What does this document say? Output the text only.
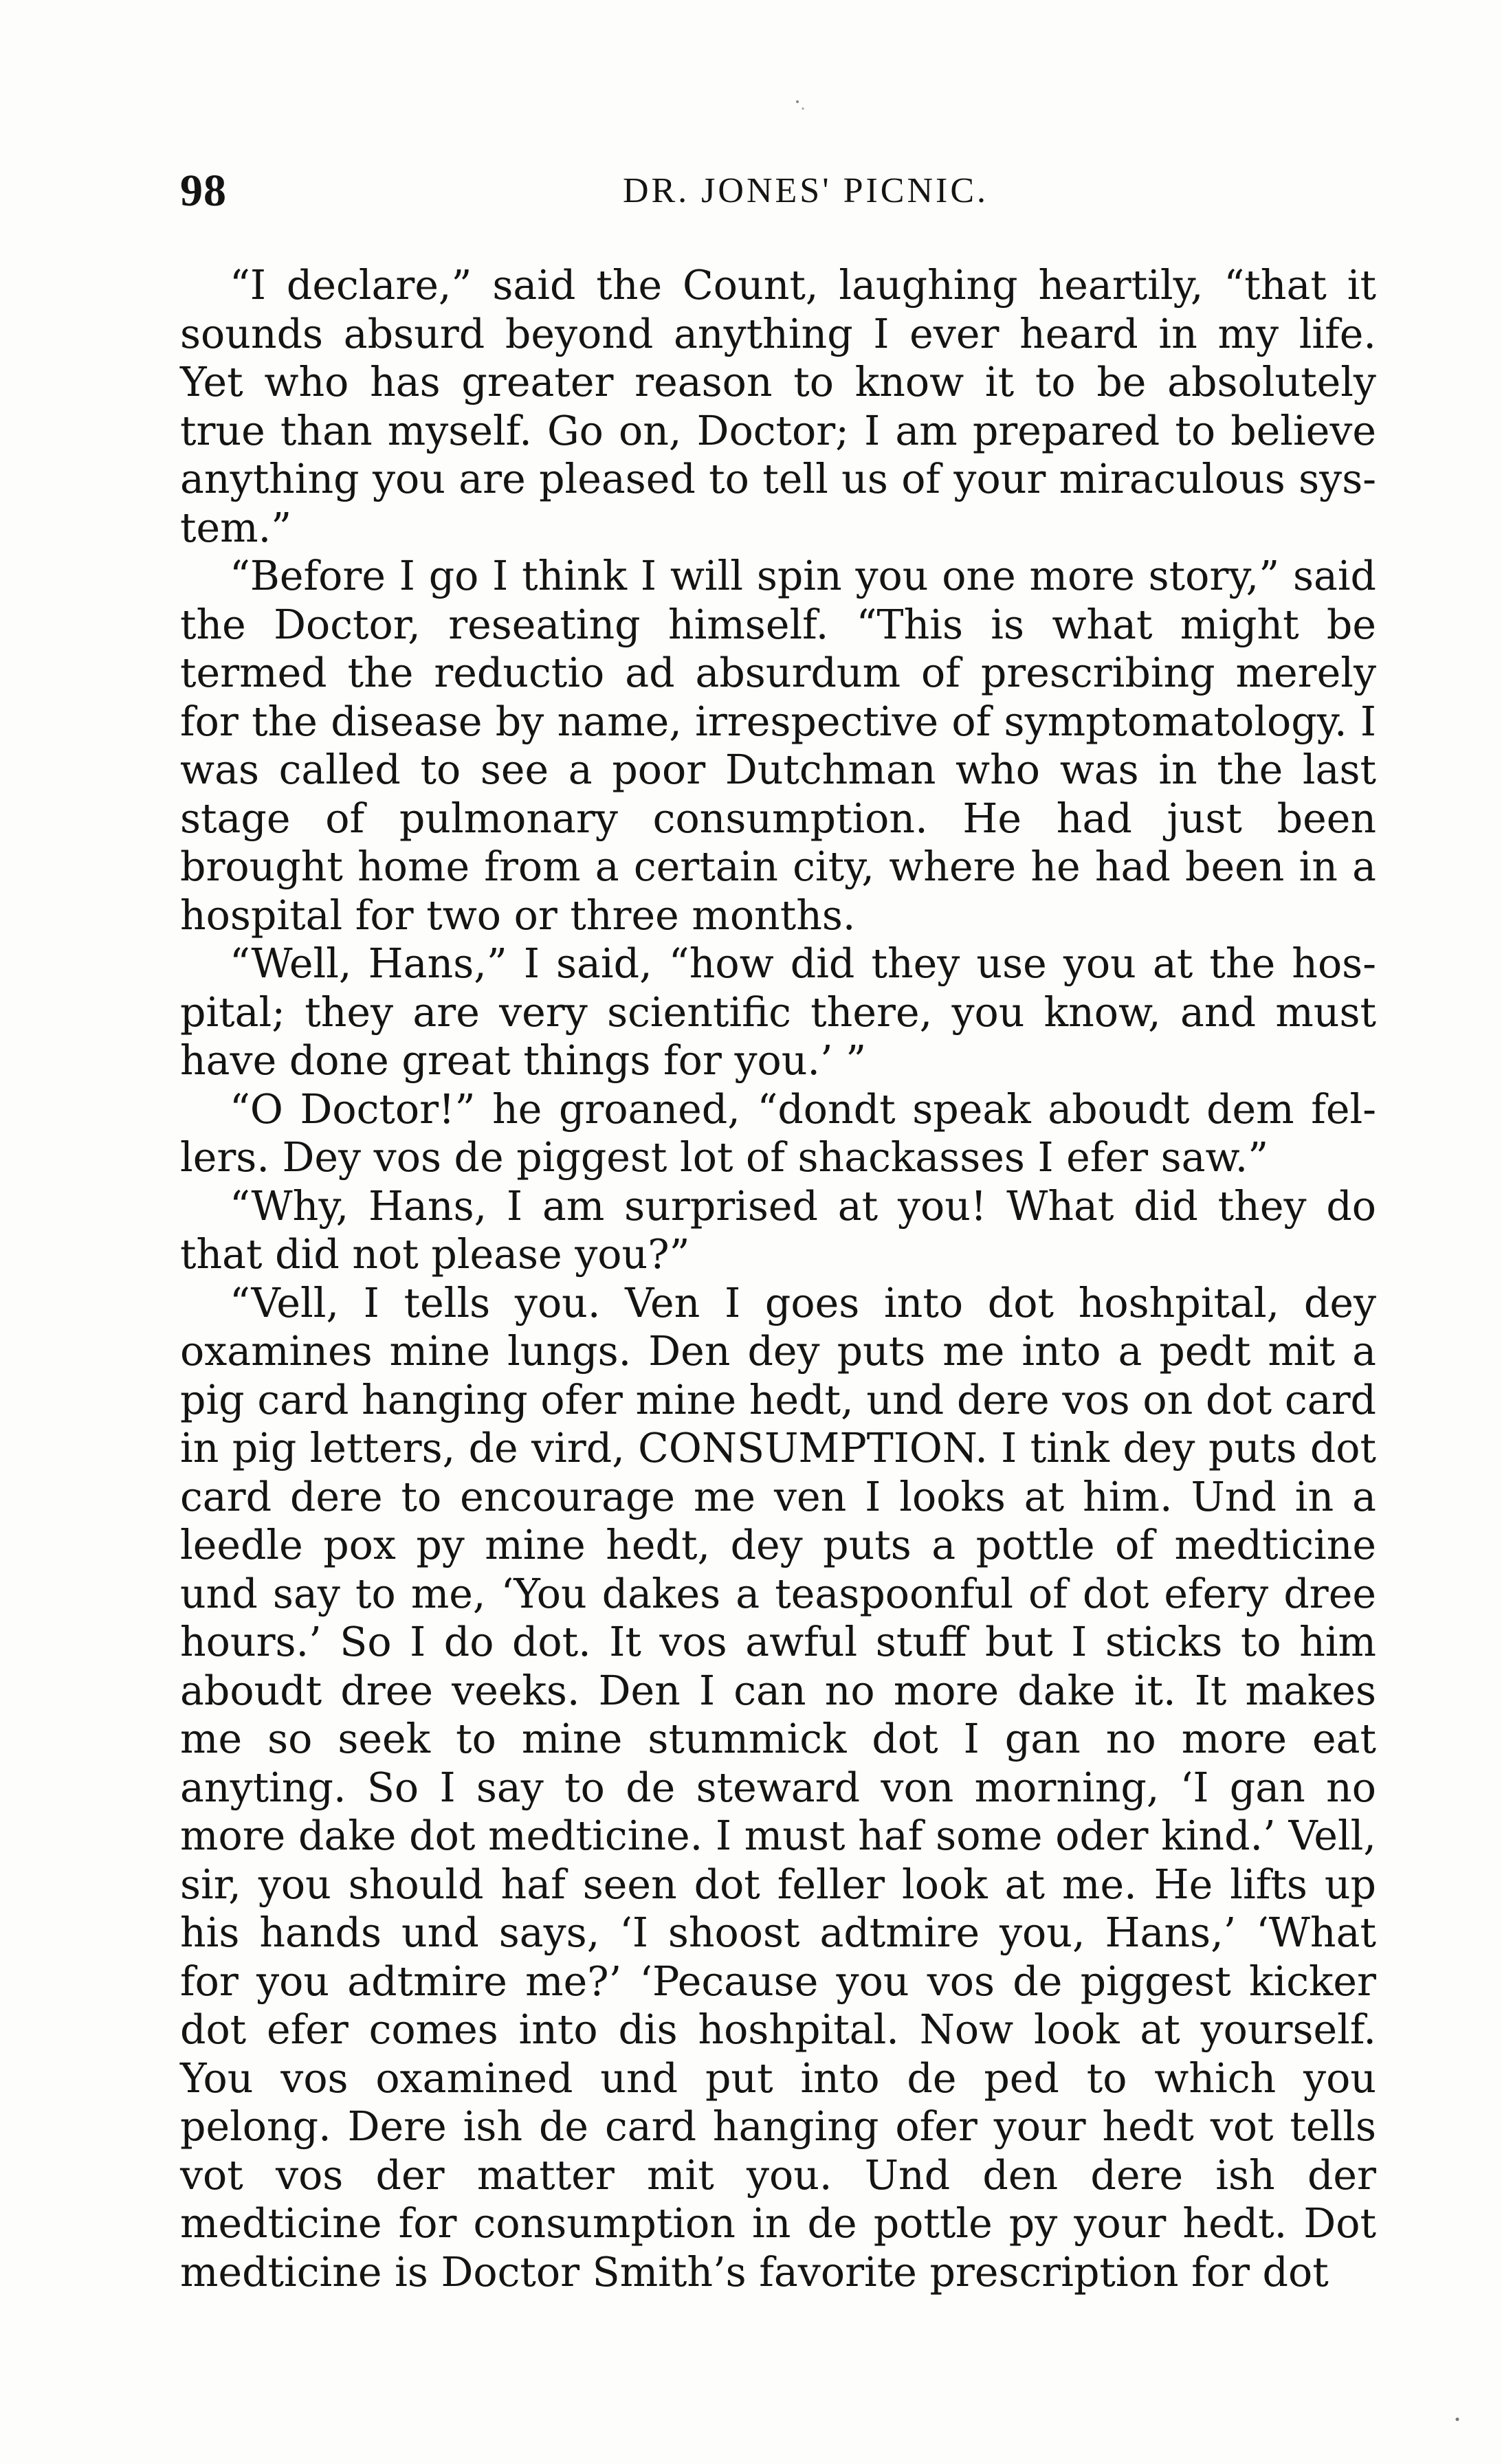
98	DR. JONES' PICNIC.

“I declare,” said the Count, laughing heartily, “that it sounds absurd beyond anything I ever heard in my life. Yet who has greater reason to know it to be absolutely true than myself. Go on, Doctor; I am prepared to believe anything you are pleased to tell us of your miraculous system.”

“Before I go I think I will spin you one more story,” said the Doctor, reseating himself. “This is what might be termed the reductio ad absurdum of prescribing merely for the disease by name, irrespective of symptomatology. I was called to see a poor Dutchman who was in the last stage of pulmonary consumption. He had just been brought home from a certain city, where he had been in a hospital for two or three months.

“Well, Hans,” I said, “how did they use you at the hospital; they are very scientific there, you know, and must have done great things for you.’ ”

“O Doctor!” he groaned, “dondt speak aboudt dem fellers. Dey vos de piggest lot of shackasses I efer saw.”

“Why, Hans, I am surprised at you! What did they do that did not please you?”

“Vell, I tells you. Ven I goes into dot hoshpital, dey oxamines mine lungs. Den dey puts me into a pedt mit a pig card hanging ofer mine hedt, und dere vos on dot card in pig letters, de vird, CONSUMPTION. I tink dey puts dot card dere to encourage me ven I looks at him. Und in a leedle pox py mine hedt, dey puts a pottle of medticine und say to me, ‘You dakes a teaspoonful of dot efery dree hours.’ So I do dot. It vos awful stuff but I sticks to him aboudt dree veeks. Den I can no more dake it. It makes me so seek to mine stummick dot I gan no more eat anyting. So I say to de steward von morning, ‘I gan no more dake dot medticine. I must haf some oder kind.’ Vell, sir, you should haf seen dot feller look at me. He lifts up his hands und says, ‘I shoost adtmire you, Hans,’ ‘What for you adtmire me?’ ‘Pecause you vos de piggest kicker dot efer comes into dis hoshpital. Now look at yourself. You vos oxamined und put into de ped to which you pelong. Dere ish de card hanging ofer your hedt vot tells vot vos der matter mit you. Und den dere ish der medticine for consumption in de pottle py your hedt. Dot medticine is Doctor Smith’s favorite prescription for dot
